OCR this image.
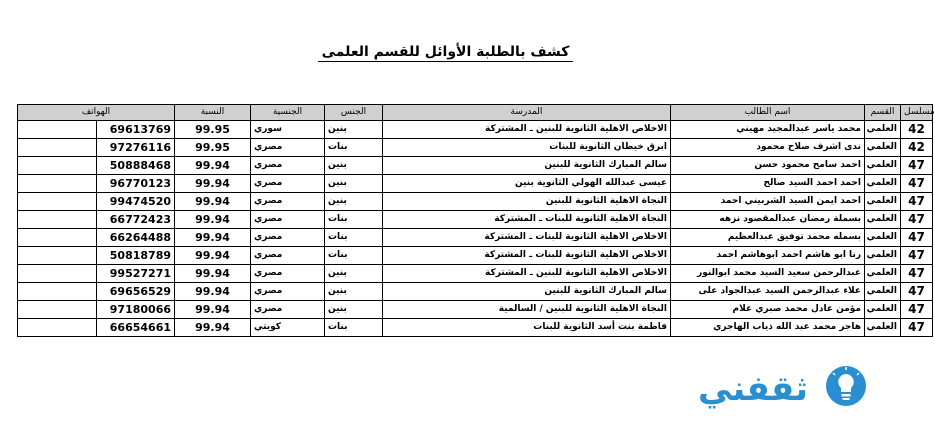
كشف بالطلبة الأوائل للقسم العلمى
الهواتف		النسبة	الجنسية	الجنس	المدرسة	اسم الطالب	القسم	مسلسل
	69613769	99.95	سوري	بنين	الاخلاص الاهلية الثانوية للبنين ـ المشتركة	محمد ياسر عبدالمجيد مهيني	العلمي	42
	97276116	99.95	مصري	بنات	ابرق خيطان الثانوية للبنات	ندى اشرف صلاح محمود	العلمي	42
	50888468	99.94	مصري	بنين	سالم المبارك الثانوية للبنين	احمد سامح محمود حسن	العلمي	47
	96770123	99.94	مصري	بنين	عيسى عبدالله الهولي الثانوية بنين	احمد احمد السيد صالح	العلمي	47
	99474520	99.94	مصري	بنين	النجاة الاهلية الثانوية للبنين	احمد ايمن السيد الشربيني احمد	العلمي	47
	66772423	99.94	مصري	بنات	النجاة الاهلية الثانوية للبنات ـ المشتركة	بسملة رمضان عبدالمقصود نزهه	العلمي	47
	66264488	99.94	مصري	بنات	الاخلاص الاهلية الثانوية للبنات ـ المشتركة	بسمله محمد توفيق عبدالعظيم	العلمي	47
	50818789	99.94	مصري	بنات	الاخلاص الاهلية الثانوية للبنات ـ المشتركة	رنا ابو هاشم احمد ابوهاشم احمد	العلمي	47
	99527271	99.94	مصري	بنين	الاخلاص الاهلية الثانوية للبنين ـ المشتركة	عبدالرحمن سعيد السيد محمد ابوالنور	العلمي	47
	69656529	99.94	مصري	بنين	سالم المبارك الثانوية للبنين	علاء عبدالرحمن السيد عبدالجواد على	العلمي	47
	97180066	99.94	مصري	بنين	النجاة الاهلية الثانوية للبنين / السالمية	مؤمن عادل محمد صبري علام	العلمي	47
	66654661	99.94	كويتي	بنات	فاطمة بنت أسد الثانوية للبنات	هاجر محمد عبد الله ذياب الهاجري	العلمي	47
ثقفني
